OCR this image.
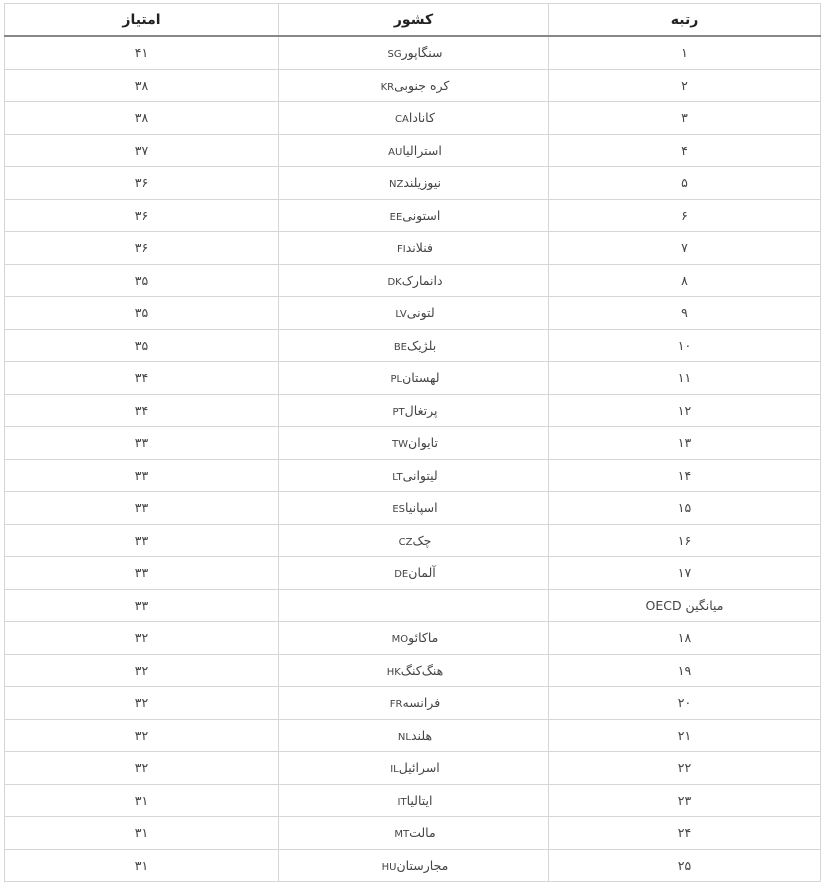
رتبه	کشور	امتیاز
۱	سنگاپورSG	۴۱
۲	کره جنوبیKR	۳۸
۳	کاناداCA	۳۸
۴	استرالیاAU	۳۷
۵	نیوزیلندNZ	۳۶
۶	استونیEE	۳۶
۷	فنلاندFI	۳۶
۸	دانمارکDK	۳۵
۹	لتونیLV	۳۵
۱۰	بلژیکBE	۳۵
۱۱	لهستانPL	۳۴
۱۲	پرتغالPT	۳۴
۱۳	تایوانTW	۳۳
۱۴	لیتوانیLT	۳۳
۱۵	اسپانیاES	۳۳
۱۶	چکCZ	۳۳
۱۷	آلمانDE	۳۳
میانگین OECD		۳۳
۱۸	ماکائوMO	۳۲
۱۹	هنگ‌کنگHK	۳۲
۲۰	فرانسهFR	۳۲
۲۱	هلندNL	۳۲
۲۲	اسرائیلIL	۳۲
۲۳	ایتالیاIT	۳۱
۲۴	مالتMT	۳۱
۲۵	مجارستانHU	۳۱
